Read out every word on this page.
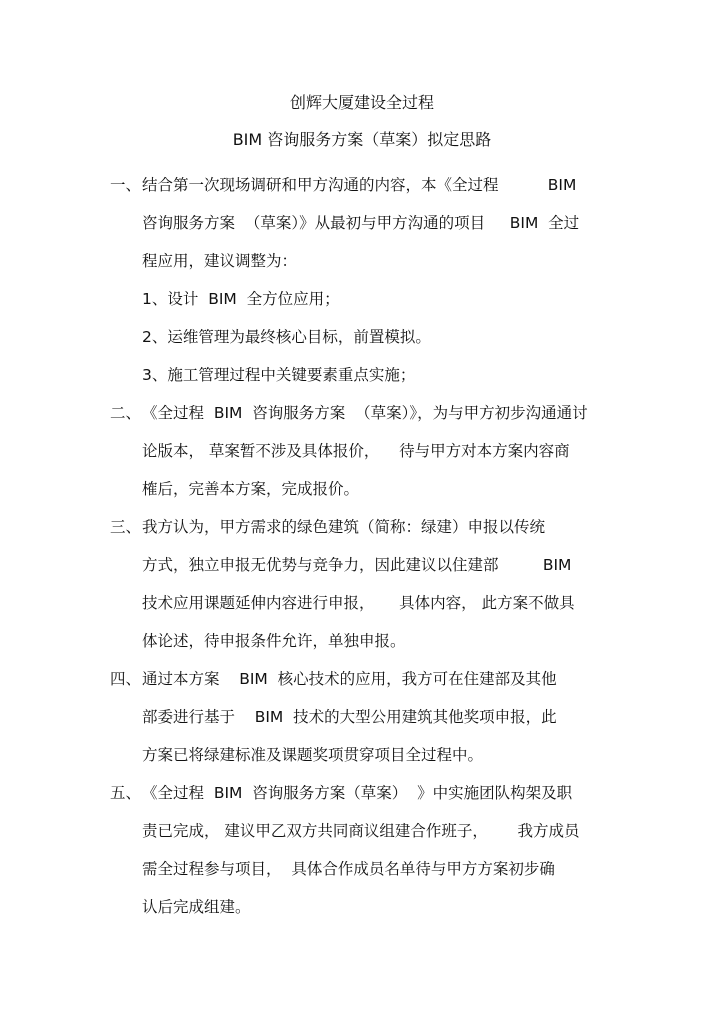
创辉大厦建设全过程
BIM 咨询服务方案（草案）拟定思路
一、 结合第一次现场调研和甲方沟通的内容，本《全过程          BIM
咨询服务方案  （草案）》从最初与甲方沟通的项目     BIM  全过
程应用，建议调整为：
1、设计  BIM  全方位应用；
2、运维管理为最终核心目标，前置模拟。
3、施工管理过程中关键要素重点实施；
二、 《全过程  BIM  咨询服务方案  （草案）》，为与甲方初步沟通通讨
论版本， 草案暂不涉及具体报价，    待与甲方对本方案内容商
榷后，完善本方案，完成报价。
三、 我方认为，甲方需求的绿色建筑（简称：绿建）申报以传统
方式，独立申报无优势与竞争力，因此建议以住建部         BIM
技术应用课题延伸内容进行申报，     具体内容， 此方案不做具
体论述，待申报条件允许，单独申报。
四、 通过本方案    BIM  核心技术的应用，我方可在住建部及其他
部委进行基于    BIM  技术的大型公用建筑其他奖项申报，此
方案已将绿建标准及课题奖项贯穿项目全过程中。
五、 《全过程  BIM  咨询服务方案（草案）  》中实施团队构架及职
责已完成， 建议甲乙双方共同商议组建合作班子，      我方成员
需全过程参与项目，  具体合作成员名单待与甲方方案初步确
认后完成组建。
